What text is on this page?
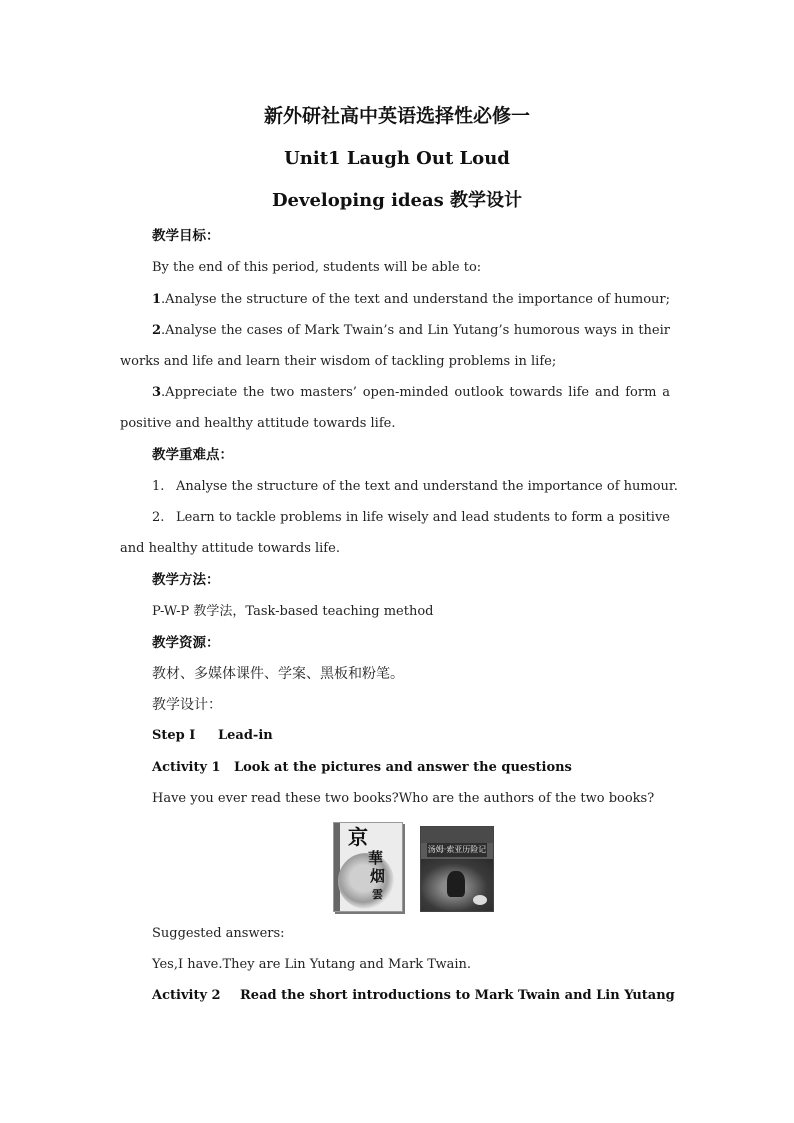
新外研社高中英语选择性必修一
Unit1 Laugh Out Loud
Developing ideas 教学设计
教学目标：
By the end of this period, students will be able to:
1.Analyse the structure of the text and understand the importance of humour;
2.Analyse the cases of Mark Twain’s and Lin Yutang’s humorous ways in their
works and life and learn their wisdom of tackling problems in life;
3.Appreciate the two masters’ open-minded outlook towards life and form a
positive and healthy attitude towards life.
教学重难点：
1. Analyse the structure of the text and understand the importance of humour.
2. Learn to tackle problems in life wisely and lead students to form a positive
and healthy attitude towards life.
教学方法：
P-W-P 教学法，Task-based teaching method
教学资源：
教材、多媒体课件、学案、黑板和粉笔。
教学设计：
Step Ⅰ Lead-in
Activity 1 Look at the pictures and answer the questions
Have you ever read these two books?Who are the authors of the two books?
京
華
烟
雲
汤姆·索亚历险记
Suggested answers:
Yes,I have.They are Lin Yutang and Mark Twain.
Activity 2 Read the short introductions to Mark Twain and Lin Yutang
